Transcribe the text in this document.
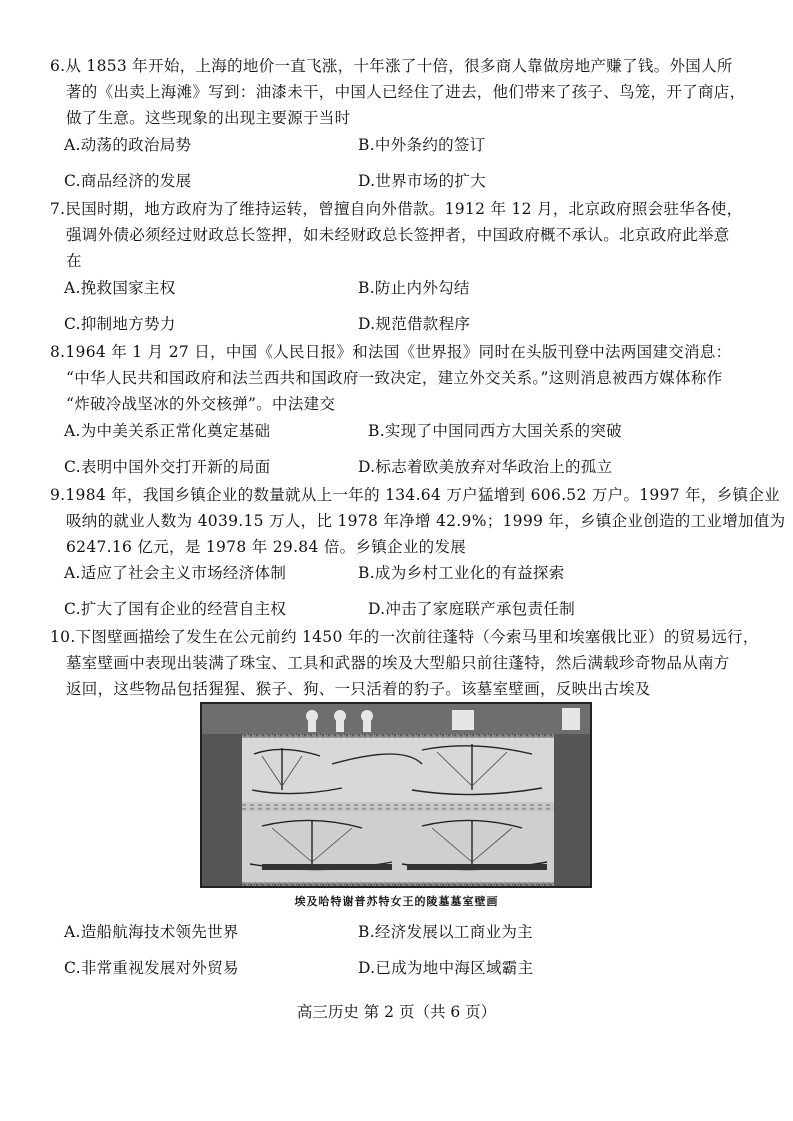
6.从 1853 年开始，上海的地价一直飞涨，十年涨了十倍，很多商人靠做房地产赚了钱。外国人所
著的《出卖上海滩》写到：油漆未干，中国人已经住了进去，他们带来了孩子、鸟笼，开了商店，
做了生意。这些现象的出现主要源于当时
A.动荡的政治局势	B.中外条约的签订
C.商品经济的发展	D.世界市场的扩大
7.民国时期，地方政府为了维持运转，曾擅自向外借款。1912 年 12 月，北京政府照会驻华各使，
强调外债必须经过财政总长签押，如未经财政总长签押者，中国政府概不承认。北京政府此举意
在
A.挽救国家主权	B.防止内外勾结
C.抑制地方势力	D.规范借款程序
8.1964 年 1 月 27 日，中国《人民日报》和法国《世界报》同时在头版刊登中法两国建交消息：
“中华人民共和国政府和法兰西共和国政府一致决定，建立外交关系。”这则消息被西方媒体称作
“炸破冷战坚冰的外交核弹”。中法建交
A.为中美关系正常化奠定基础	B.实现了中国同西方大国关系的突破
C.表明中国外交打开新的局面	D.标志着欧美放弃对华政治上的孤立
9.1984 年，我国乡镇企业的数量就从上一年的 134.64 万户猛增到 606.52 万户。1997 年，乡镇企业
吸纳的就业人数为 4039.15 万人，比 1978 年净增 42.9%；1999 年，乡镇企业创造的工业增加值为
6247.16 亿元，是 1978 年 29.84 倍。乡镇企业的发展
A.适应了社会主义市场经济体制	B.成为乡村工业化的有益探索
C.扩大了国有企业的经营自主权	D.冲击了家庭联产承包责任制
10.下图壁画描绘了发生在公元前约 1450 年的一次前往蓬特（今索马里和埃塞俄比亚）的贸易远行，
墓室壁画中表现出装满了珠宝、工具和武器的埃及大型船只前往蓬特，然后满载珍奇物品从南方
返回，这些物品包括猩猩、猴子、狗、一只活着的豹子。该墓室壁画，反映出古埃及
埃及哈特谢普苏特女王的陵墓墓室壁画
A.造船航海技术领先世界	B.经济发展以工商业为主
C.非常重视发展对外贸易	D.已成为地中海区域霸主
高三历史 第 2 页（共 6 页）
